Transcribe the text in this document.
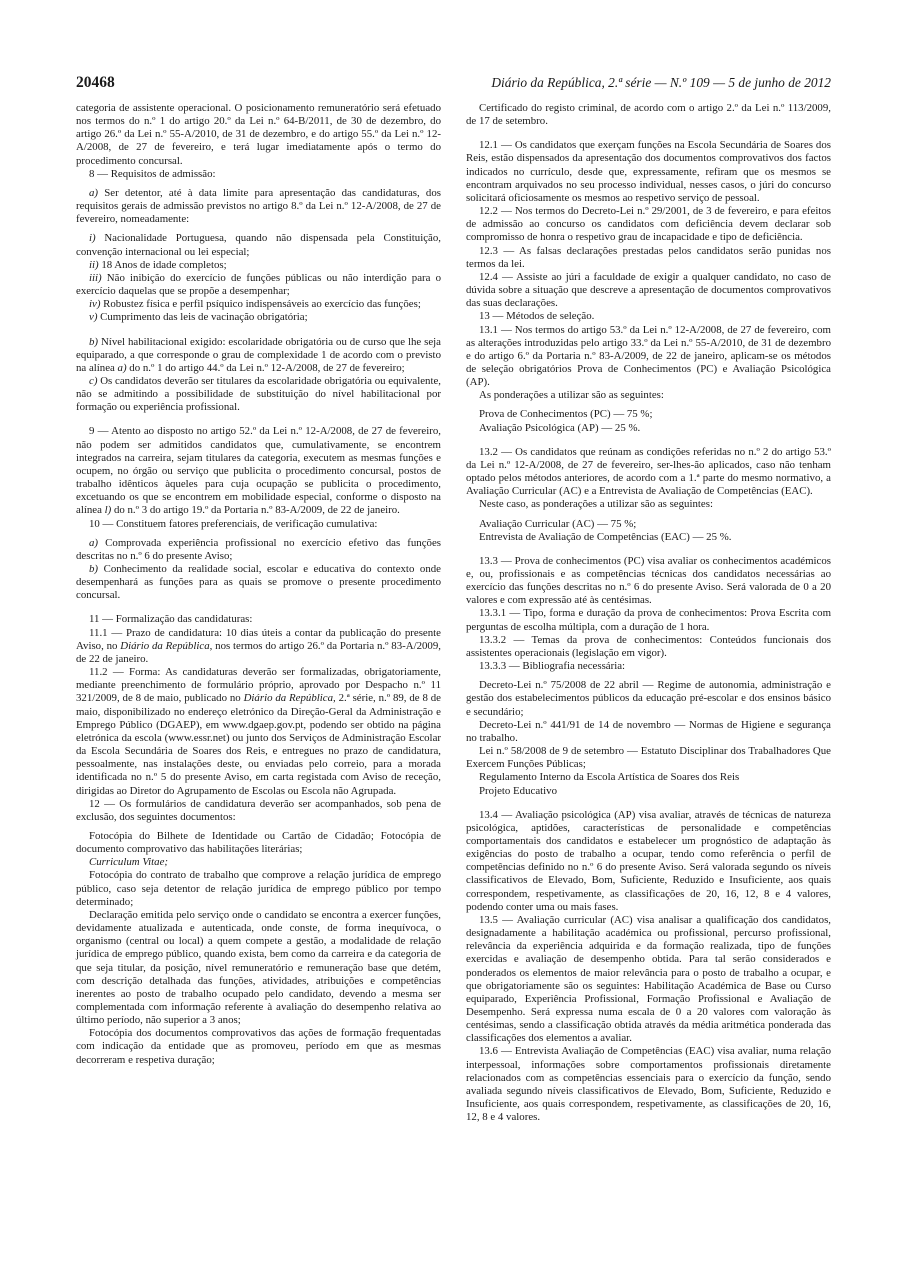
20468	Diário da República, 2.ª série — N.º 109 — 5 de junho de 2012

categoria de assistente operacional. O posicionamento remuneratório será efetuado nos termos do n.º 1 do artigo 20.º da Lei n.º 64-B/2011, de 30 de dezembro, do artigo 26.º da Lei n.º 55-A/2010, de 31 de dezembro, e do artigo 55.º da Lei n.º 12-A/2008, de 27 de fevereiro, e terá lugar imediatamente após o termo do procedimento concursal.

8 — Requisitos de admissão:

a) Ser detentor, até à data limite para apresentação das candidaturas, dos requisitos gerais de admissão previstos no artigo 8.º da Lei n.º 12-A/2008, de 27 de fevereiro, nomeadamente:

i) Nacionalidade Portuguesa, quando não dispensada pela Constituição, convenção internacional ou lei especial;

ii) 18 Anos de idade completos;

iii) Não inibição do exercício de funções públicas ou não interdição para o exercício daquelas que se propõe a desempenhar;

iv) Robustez física e perfil psíquico indispensáveis ao exercício das funções;

v) Cumprimento das leis de vacinação obrigatória;

b) Nível habilitacional exigido: escolaridade obrigatória ou de curso que lhe seja equiparado, a que corresponde o grau de complexidade 1 de acordo com o previsto na alínea a) do n.º 1 do artigo 44.º da Lei n.º 12-A/2008, de 27 de fevereiro;

c) Os candidatos deverão ser titulares da escolaridade obrigatória ou equivalente, não se admitindo a possibilidade de substituição do nível habilitacional por formação ou experiência profissional.

9 — Atento ao disposto no artigo 52.º da Lei n.º 12-A/2008, de 27 de fevereiro, não podem ser admitidos candidatos que, cumulativamente, se encontrem integrados na carreira, sejam titulares da categoria, executem as mesmas funções e ocupem, no órgão ou serviço que publicita o procedimento concursal, postos de trabalho idênticos àqueles para cuja ocupação se publicita o procedimento, excetuando os que se encontrem em mobilidade especial, conforme o disposto na alínea l) do n.º 3 do artigo 19.º da Portaria n.º 83-A/2009, de 22 de janeiro.

10 — Constituem fatores preferenciais, de verificação cumulativa:

a) Comprovada experiência profissional no exercício efetivo das funções descritas no n.º 6 do presente Aviso;

b) Conhecimento da realidade social, escolar e educativa do contexto onde desempenhará as funções para as quais se promove o presente procedimento concursal.

11 — Formalização das candidaturas:

11.1 — Prazo de candidatura: 10 dias úteis a contar da publicação do presente Aviso, no Diário da República, nos termos do artigo 26.º da Portaria n.º 83-A/2009, de 22 de janeiro.

11.2 — Forma: As candidaturas deverão ser formalizadas, obrigatoriamente, mediante preenchimento de formulário próprio, aprovado por Despacho n.º 11 321/2009, de 8 de maio, publicado no Diário da República, 2.ª série, n.º 89, de 8 de maio, disponibilizado no endereço eletrónico da Direção-Geral da Administração e Emprego Público (DGAEP), em www.dgaep.gov.pt, podendo ser obtido na página eletrónica da escola (www.essr.net) ou junto dos Serviços de Administração Escolar da Escola Secundária de Soares dos Reis, e entregues no prazo de candidatura, pessoalmente, nas instalações deste, ou enviadas pelo correio, para a morada identificada no n.º 5 do presente Aviso, em carta registada com Aviso de receção, dirigidas ao Diretor do Agrupamento de Escolas ou Escola não Agrupada.

12 — Os formulários de candidatura deverão ser acompanhados, sob pena de exclusão, dos seguintes documentos:

Fotocópia do Bilhete de Identidade ou Cartão de Cidadão; Fotocópia de documento comprovativo das habilitações literárias;

Curriculum Vitae;

Fotocópia do contrato de trabalho que comprove a relação jurídica de emprego público, caso seja detentor de relação jurídica de emprego público por tempo determinado;

Declaração emitida pelo serviço onde o candidato se encontra a exercer funções, devidamente atualizada e autenticada, onde conste, de forma inequívoca, o organismo (central ou local) a quem compete a gestão, a modalidade de relação jurídica de emprego público, quando exista, bem como da carreira e da categoria de que seja titular, da posição, nível remuneratório e remuneração base que detém, com descrição detalhada das funções, atividades, atribuições e competências inerentes ao posto de trabalho ocupado pelo candidato, devendo a mesma ser complementada com informação referente à avaliação do desempenho relativa ao último período, não superior a 3 anos;

Fotocópia dos documentos comprovativos das ações de formação frequentadas com indicação da entidade que as promoveu, período em que as mesmas decorreram e respetiva duração;

Certificado do registo criminal, de acordo com o artigo 2.º da Lei n.º 113/2009, de 17 de setembro.

12.1 — Os candidatos que exerçam funções na Escola Secundária de Soares dos Reis, estão dispensados da apresentação dos documentos comprovativos dos factos indicados no currículo, desde que, expressamente, refiram que os mesmos se encontram arquivados no seu processo individual, nesses casos, o júri do concurso solicitará oficiosamente os mesmos ao respetivo serviço de pessoal.

12.2 — Nos termos do Decreto-Lei n.º 29/2001, de 3 de fevereiro, e para efeitos de admissão ao concurso os candidatos com deficiência devem declarar sob compromisso de honra o respetivo grau de incapacidade e tipo de deficiência.

12.3 — As falsas declarações prestadas pelos candidatos serão punidas nos termos da lei.

12.4 — Assiste ao júri a faculdade de exigir a qualquer candidato, no caso de dúvida sobre a situação que descreve a apresentação de documentos comprovativos das suas declarações.

13 — Métodos de seleção.

13.1 — Nos termos do artigo 53.º da Lei n.º 12-A/2008, de 27 de fevereiro, com as alterações introduzidas pelo artigo 33.º da Lei n.º 55-A/2010, de 31 de dezembro e do artigo 6.º da Portaria n.º 83-A/2009, de 22 de janeiro, aplicam-se os métodos de seleção obrigatórios Prova de Conhecimentos (PC) e Avaliação Psicológica (AP).

As ponderações a utilizar são as seguintes:

Prova de Conhecimentos (PC) — 75 %;

Avaliação Psicológica (AP) — 25 %.

13.2 — Os candidatos que reúnam as condições referidas no n.º 2 do artigo 53.º da Lei n.º 12-A/2008, de 27 de fevereiro, ser-lhes-ão aplicados, caso não tenham optado pelos métodos anteriores, de acordo com a 1.ª parte do mesmo normativo, a Avaliação Curricular (AC) e a Entrevista de Avaliação de Competências (EAC).

Neste caso, as ponderações a utilizar são as seguintes:

Avaliação Curricular (AC) — 75 %;

Entrevista de Avaliação de Competências (EAC) — 25 %.

13.3 — Prova de conhecimentos (PC) visa avaliar os conhecimentos académicos e, ou, profissionais e as competências técnicas dos candidatos necessárias ao exercício das funções descritas no n.º 6 do presente Aviso. Será valorada de 0 a 20 valores e com expressão até às centésimas.

13.3.1 — Tipo, forma e duração da prova de conhecimentos: Prova Escrita com perguntas de escolha múltipla, com a duração de 1 hora.

13.3.2 — Temas da prova de conhecimentos: Conteúdos funcionais dos assistentes operacionais (legislação em vigor).

13.3.3 — Bibliografia necessária:

Decreto-Lei n.º 75/2008 de 22 abril — Regime de autonomia, administração e gestão dos estabelecimentos públicos da educação pré-escolar e dos ensinos básico e secundário;

Decreto-Lei n.º 441/91 de 14 de novembro — Normas de Higiene e segurança no trabalho.

Lei n.º 58/2008 de 9 de setembro — Estatuto Disciplinar dos Trabalhadores Que Exercem Funções Públicas;

Regulamento Interno da Escola Artística de Soares dos Reis

Projeto Educativo

13.4 — Avaliação psicológica (AP) visa avaliar, através de técnicas de natureza psicológica, aptidões, características de personalidade e competências comportamentais dos candidatos e estabelecer um prognóstico de adaptação às exigências do posto de trabalho a ocupar, tendo como referência o perfil de competências definido no n.º 6 do presente Aviso. Será valorada segundo os níveis classificativos de Elevado, Bom, Suficiente, Reduzido e Insuficiente, aos quais correspondem, respetivamente, as classificações de 20, 16, 12, 8 e 4 valores, podendo conter uma ou mais fases.

13.5 — Avaliação curricular (AC) visa analisar a qualificação dos candidatos, designadamente a habilitação académica ou profissional, percurso profissional, relevância da experiência adquirida e da formação realizada, tipo de funções exercidas e avaliação de desempenho obtida. Para tal serão considerados e ponderados os elementos de maior relevância para o posto de trabalho a ocupar, e que obrigatoriamente são os seguintes: Habilitação Académica de Base ou Curso equiparado, Experiência Profissional, Formação Profissional e Avaliação de Desempenho. Será expressa numa escala de 0 a 20 valores com valoração às centésimas, sendo a classificação obtida através da média aritmética ponderada das classificações dos elementos a avaliar.

13.6 — Entrevista Avaliação de Competências (EAC) visa avaliar, numa relação interpessoal, informações sobre comportamentos profissionais diretamente relacionados com as competências essenciais para o exercício da função, sendo avaliada segundo níveis classificativos de Elevado, Bom, Suficiente, Reduzido e Insuficiente, aos quais correspondem, respetivamente, as classificações de 20, 16, 12, 8 e 4 valores.
